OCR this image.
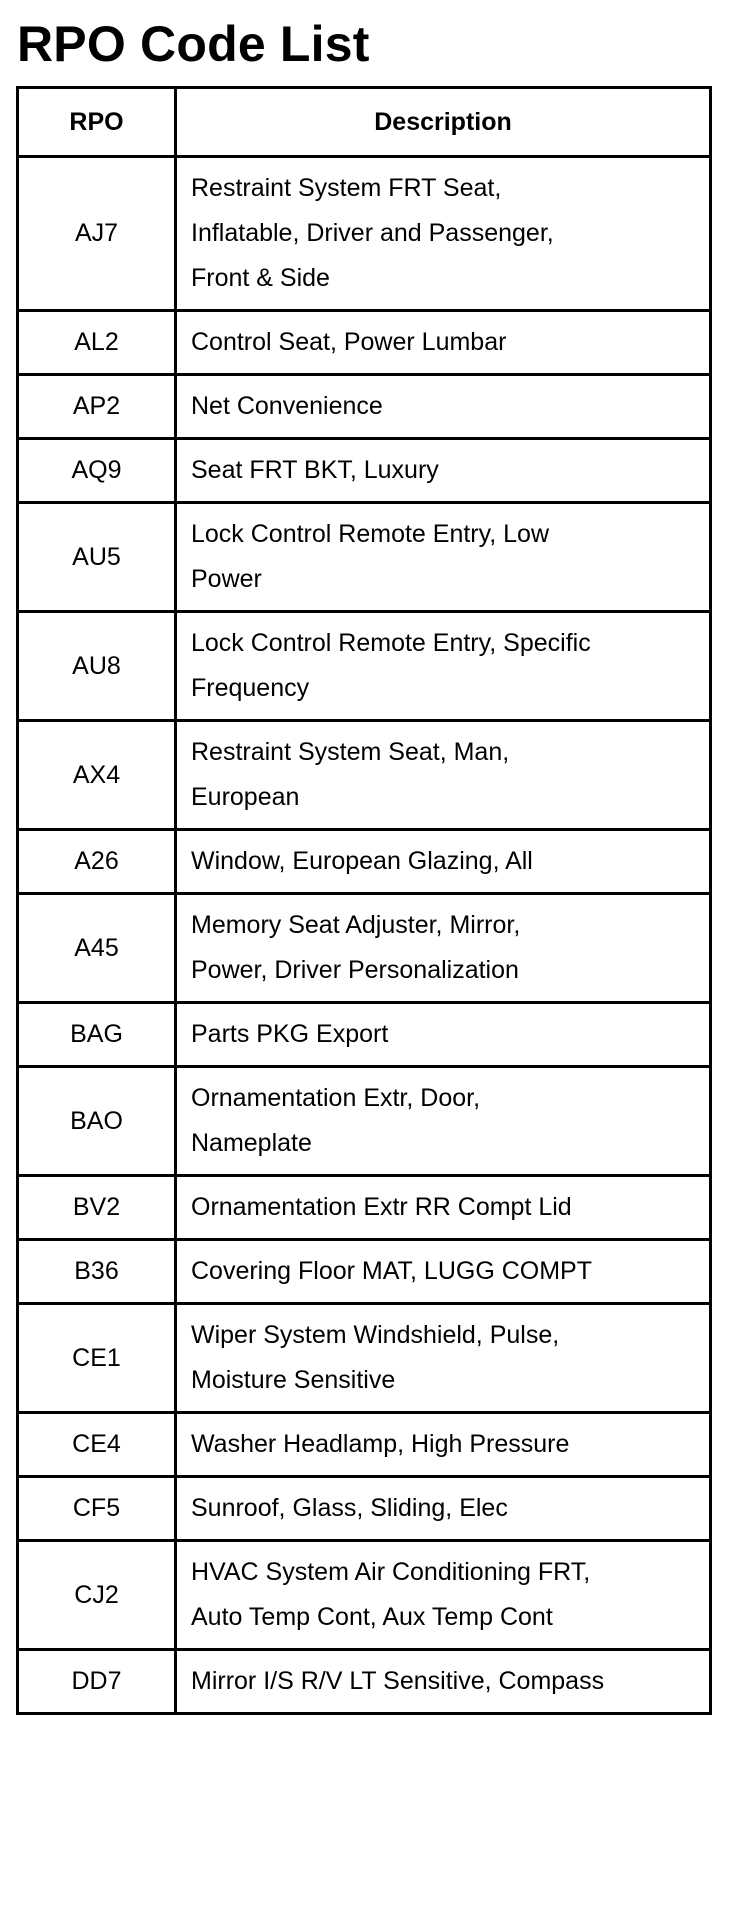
RPO Code List
RPO	Description
AJ7	Restraint System FRT Seat,
Inflatable, Driver and Passenger,
Front & Side

AL2	Control Seat, Power Lumbar

AP2	Net Convenience

AQ9	Seat FRT BKT, Luxury

AU5	Lock Control Remote Entry, Low
Power

AU8	Lock Control Remote Entry, Specific
Frequency

AX4	Restraint System Seat, Man,
European

A26	Window, European Glazing, All

A45	Memory Seat Adjuster, Mirror,
Power, Driver Personalization

BAG	Parts PKG Export

BAO	Ornamentation Extr, Door,
Nameplate

BV2	Ornamentation Extr RR Compt Lid

B36	Covering Floor MAT, LUGG COMPT

CE1	Wiper System Windshield, Pulse,
Moisture Sensitive

CE4	Washer Headlamp, High Pressure

CF5	Sunroof, Glass, Sliding, Elec

CJ2	HVAC System Air Conditioning FRT,
Auto Temp Cont, Aux Temp Cont

DD7	Mirror I/S R/V LT Sensitive, Compass
